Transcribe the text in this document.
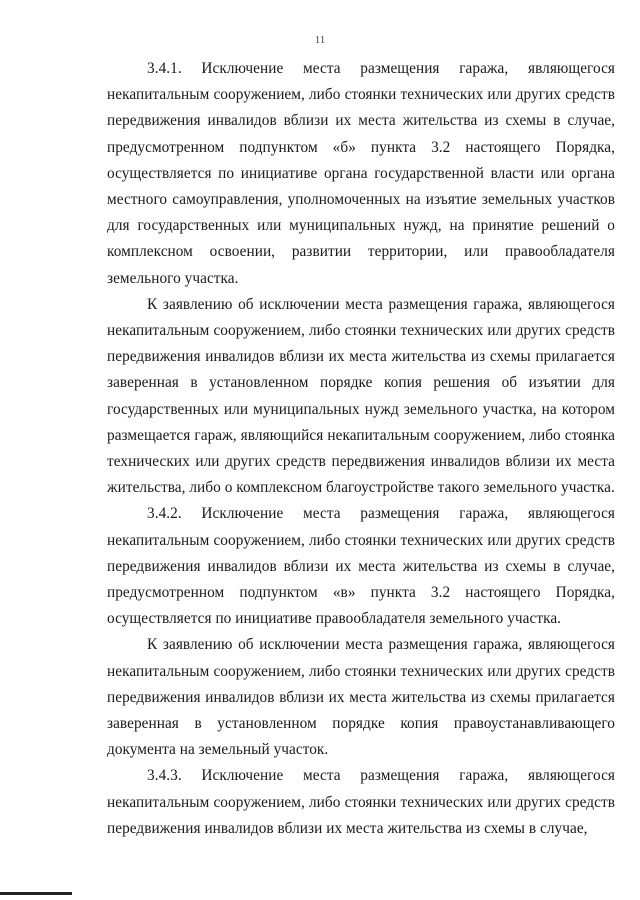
11

3.4.1. Исключение места размещения гаража, являющегося некапитальным сооружением, либо стоянки технических или других средств передвижения инвалидов вблизи их места жительства из схемы в случае, предусмотренном подпунктом «б» пункта 3.2 настоящего Порядка, осуществляется по инициативе органа государственной власти или органа местного самоуправления, уполномоченных на изъятие земельных участков для государственных или муниципальных нужд, на принятие решений о комплексном освоении, развитии территории, или правообладателя земельного участка.

К заявлению об исключении места размещения гаража, являющегося некапитальным сооружением, либо стоянки технических или других средств передвижения инвалидов вблизи их места жительства из схемы прилагается заверенная в установленном порядке копия решения об изъятии для государственных или муниципальных нужд земельного участка, на котором размещается гараж, являющийся некапитальным сооружением, либо стоянка технических или других средств передвижения инвалидов вблизи их места жительства, либо о комплексном благоустройстве такого земельного участка.

3.4.2. Исключение места размещения гаража, являющегося некапитальным сооружением, либо стоянки технических или других средств передвижения инвалидов вблизи их места жительства из схемы в случае, предусмотренном подпунктом «в» пункта 3.2 настоящего Порядка, осуществляется по инициативе правообладателя земельного участка.

К заявлению об исключении места размещения гаража, являющегося некапитальным сооружением, либо стоянки технических или других средств передвижения инвалидов вблизи их места жительства из схемы прилагается заверенная в установленном порядке копия правоустанавливающего документа на земельный участок.

3.4.3. Исключение места размещения гаража, являющегося некапитальным сооружением, либо стоянки технических или других средств передвижения инвалидов вблизи их места жительства из схемы в случае,
